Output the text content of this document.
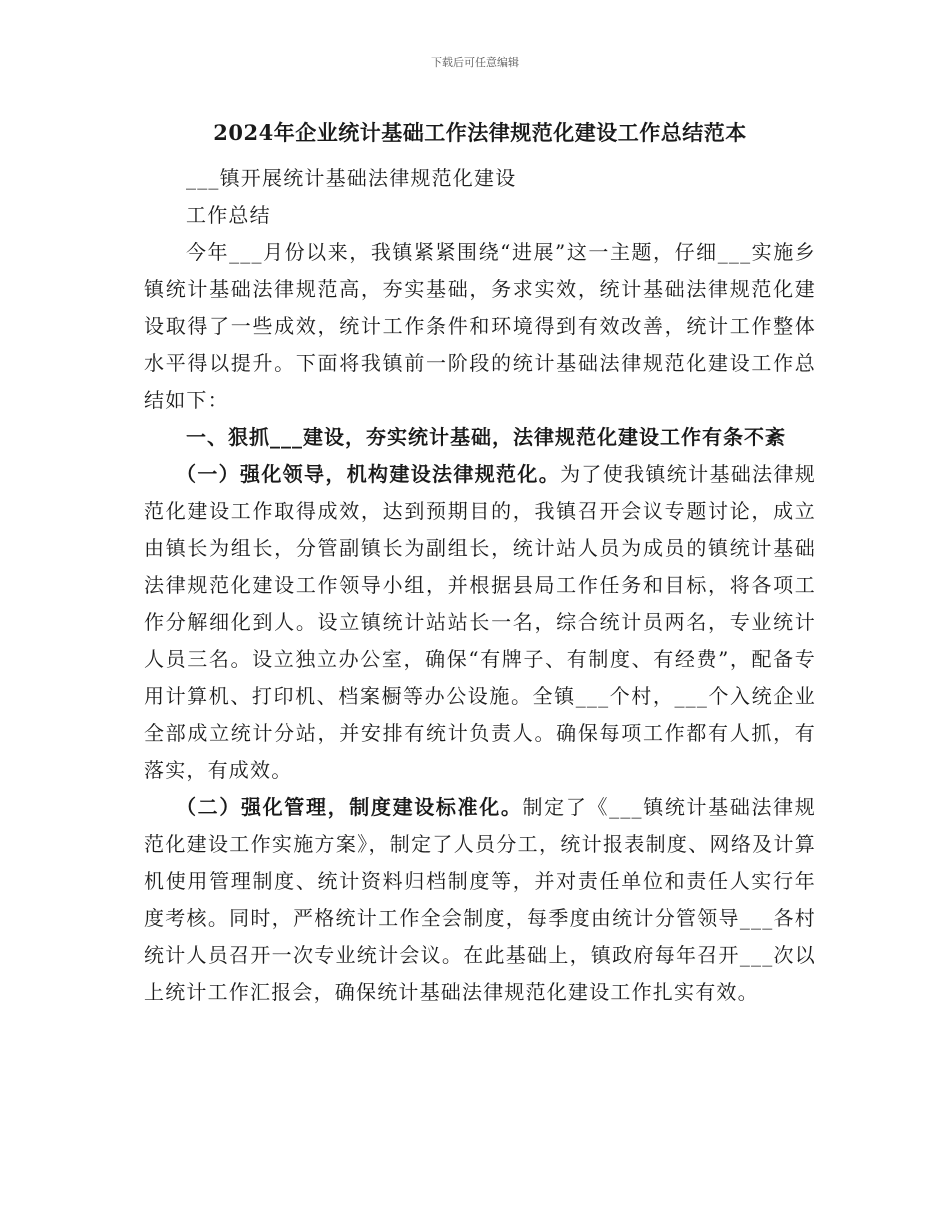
下载后可任意编辑
2024年企业统计基础工作法律规范化建设工作总结范本

___镇开展统计基础法律规范化建设

工作总结

今年___月份以来，我镇紧紧围绕“进展”这一主题，仔细___实施乡镇统计基础法律规范高，夯实基础，务求实效，统计基础法律规范化建设取得了一些成效，统计工作条件和环境得到有效改善，统计工作整体水平得以提升。下面将我镇前一阶段的统计基础法律规范化建设工作总结如下：

一、狠抓___建设，夯实统计基础，法律规范化建设工作有条不紊

（一）强化领导，机构建设法律规范化。为了使我镇统计基础法律规范化建设工作取得成效，达到预期目的，我镇召开会议专题讨论，成立由镇长为组长，分管副镇长为副组长，统计站人员为成员的镇统计基础法律规范化建设工作领导小组，并根据县局工作任务和目标，将各项工作分解细化到人。设立镇统计站站长一名，综合统计员两名，专业统计人员三名。设立独立办公室，确保“有牌子、有制度、有经费”，配备专用计算机、打印机、档案橱等办公设施。全镇___个村，___个入统企业全部成立统计分站，并安排有统计负责人。确保每项工作都有人抓，有落实，有成效。

（二）强化管理，制度建设标准化。制定了《___镇统计基础法律规范化建设工作实施方案》，制定了人员分工，统计报表制度、网络及计算机使用管理制度、统计资料归档制度等，并对责任单位和责任人实行年度考核。同时，严格统计工作全会制度，每季度由统计分管领导___各村统计人员召开一次专业统计会议。在此基础上，镇政府每年召开___次以上统计工作汇报会，确保统计基础法律规范化建设工作扎实有效。
